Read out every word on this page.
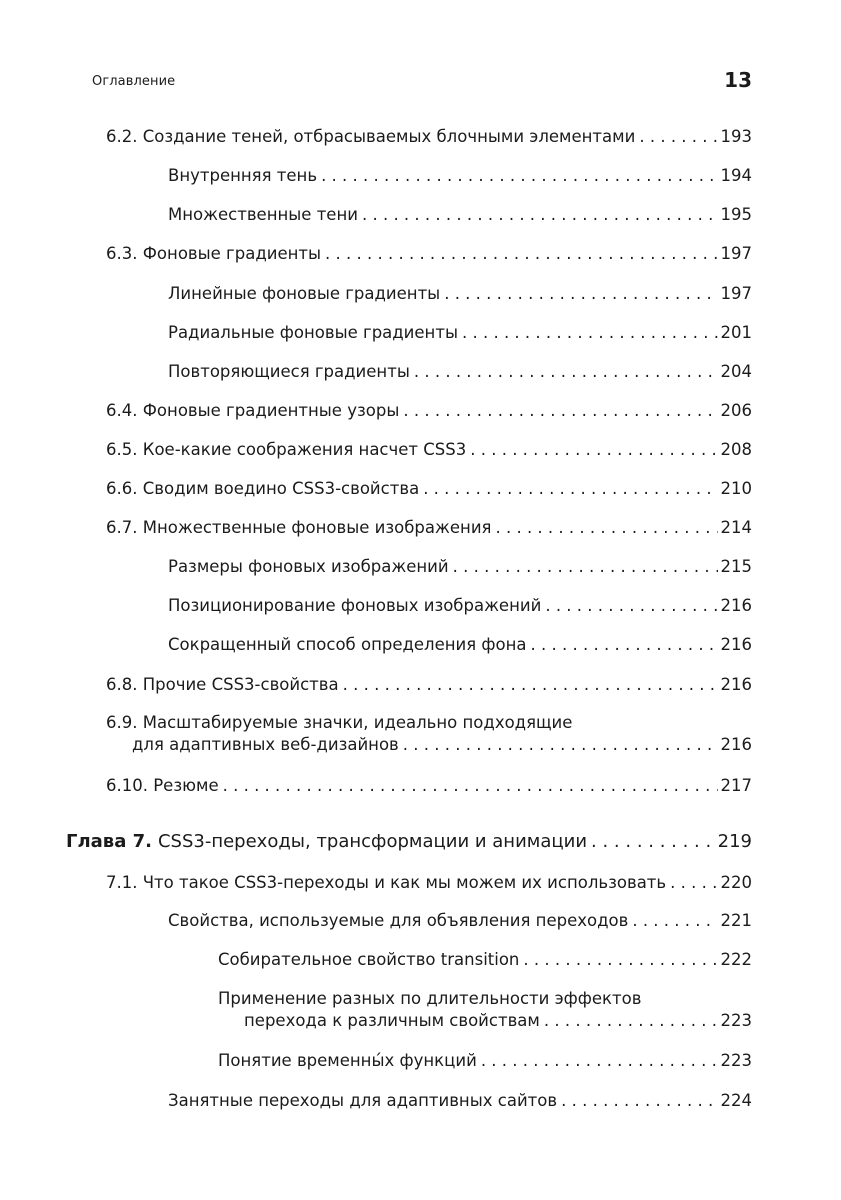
Оглавление	13
6.2. Создание теней, отбрасываемых блочными элементами . . .	193
Внутренняя тень . . .	194
Множественные тени . . .	195
6.3. Фоновые градиенты . . .	197
Линейные фоновые градиенты . . .	197
Радиальные фоновые градиенты . . .	201
Повторяющиеся градиенты . . .	204
6.4. Фоновые градиентные узоры . . .	206
6.5. Кое-какие соображения насчет CSS3 . . .	208
6.6. Сводим воедино CSS3-свойства . . .	210
6.7. Множественные фоновые изображения . . .	214
Размеры фоновых изображений . . .	215
Позиционирование фоновых изображений . . .	216
Сокращенный способ определения фона . . .	216
6.8. Прочие CSS3-свойства . . .	216
6.9. Масштабируемые значки, идеально подходящие
для адаптивных веб-дизайнов . . .	216
6.10. Резюме . . .	217
Глава 7. CSS3-переходы, трансформации и анимации . . .	219
7.1. Что такое CSS3-переходы и как мы можем их использовать . . .	220
Свойства, используемые для объявления переходов . . .	221
Собирательное свойство transition . . .	222
Применение разных по длительности эффектов
перехода к различным свойствам . . .	223
Понятие временны́х функций . . .	223
Занятные переходы для адаптивных сайтов . . .	224
